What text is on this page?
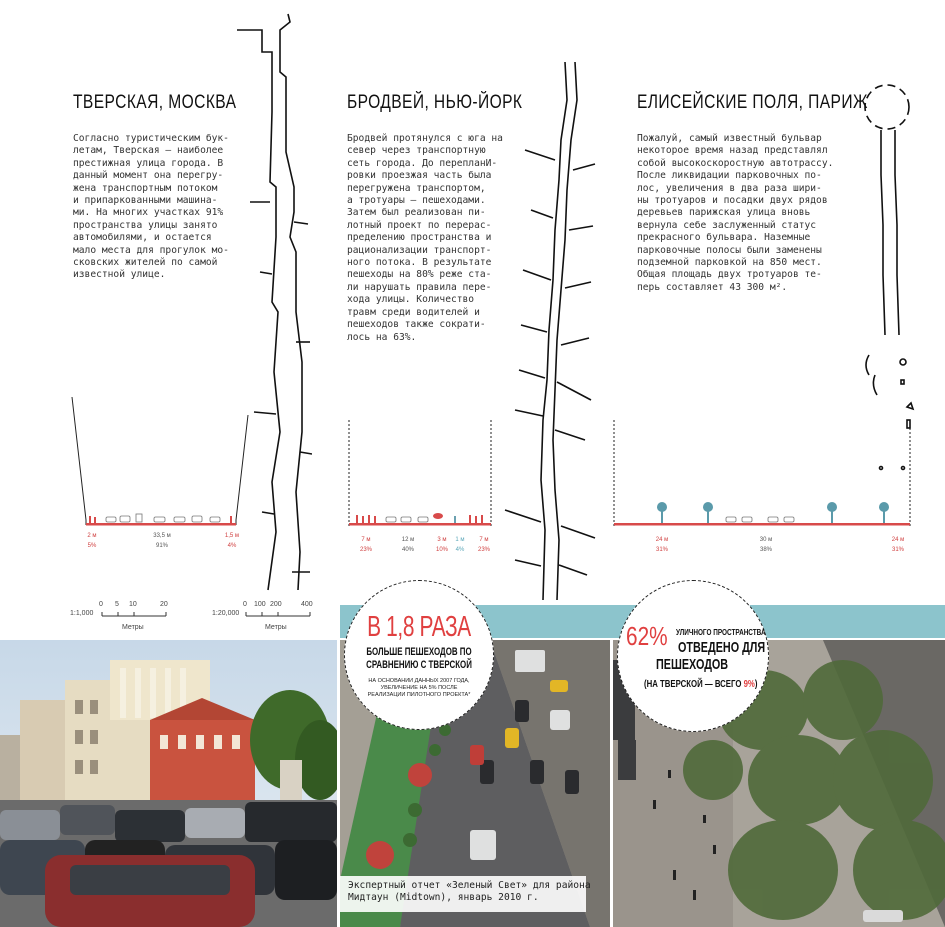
ТВЕРСКАЯ, МОСКВА
Согласно туристическим бук-
летам, Тверская – наиболее
престижная улица города. В
данный момент она перегру-
жена транспортным потоком
и припаркованными машина-
ми. На многих участках 91%
пространства улицы занято
автомобилями, и остается
мало места для прогулок мо-
сковских жителей по самой
известной улице.
2 м
5%
33,5 м
91%
1,5 м
4%
БРОДВЕЙ, НЬЮ-ЙОРК
Бродвей протянулся с юга на
север через транспортную
сеть города. До перепланИ-
ровки проезжая часть была
перегружена транспортом,
а тротуары – пешеходами.
Затем был реализован пи-
лотный проект по перерас-
пределению пространства и
рационализации транспорт-
ного потока. В результате
пешеходы на 80% реже ста-
ли нарушать правила пере-
хода улицы. Количество
травм среди водителей и
пешеходов также сократи-
лось на 63%.
7 м
23%
12 м
40%
3 м
10%
1 м
4%
7 м
23%
ЕЛИСЕЙСКИЕ ПОЛЯ, ПАРИЖ
Пожалуй, самый известный бульвар
некоторое время назад представлял
собой высокоскоростную автотрассу.
После ликвидации парковочных по-
лос, увеличения в два раза шири-
ны тротуаров и посадки двух рядов
деревьев парижская улица вновь
вернула себе заслуженный статус
прекрасного бульвара. Наземные
парковочные полосы были заменены
подземной парковкой на 850 мест.
Общая площадь двух тротуаров те-
перь составляет 43 300 м².
24 м
31%
30 м
38%
24 м
31%
1:1,000
0 5 10	20
Метры
1:20,000
0 100 200	400
Метры
Экспертный отчет «Зеленый Свет» для района
Мидтаун (Midtown), январь 2010 г.
В 1,8 РАЗА
БОЛЬШЕ ПЕШЕХОДОВ ПО
СРАВНЕНИЮ С ТВЕРСКОЙ
НА ОСНОВАНИИ ДАННЫХ 2007 ГОДА, УВЕЛИЧЕНИЕ НА 5% ПОСЛЕ РЕАЛИЗАЦИИ ПИЛОТНОГО ПРОЕКТА*
62% УЛИЧНОГО ПРОСТРАНСТВА
ОТВЕДЕНО ДЛЯ
ПЕШЕХОДОВ
(НА ТВЕРСКОЙ — ВСЕГО 9%)
